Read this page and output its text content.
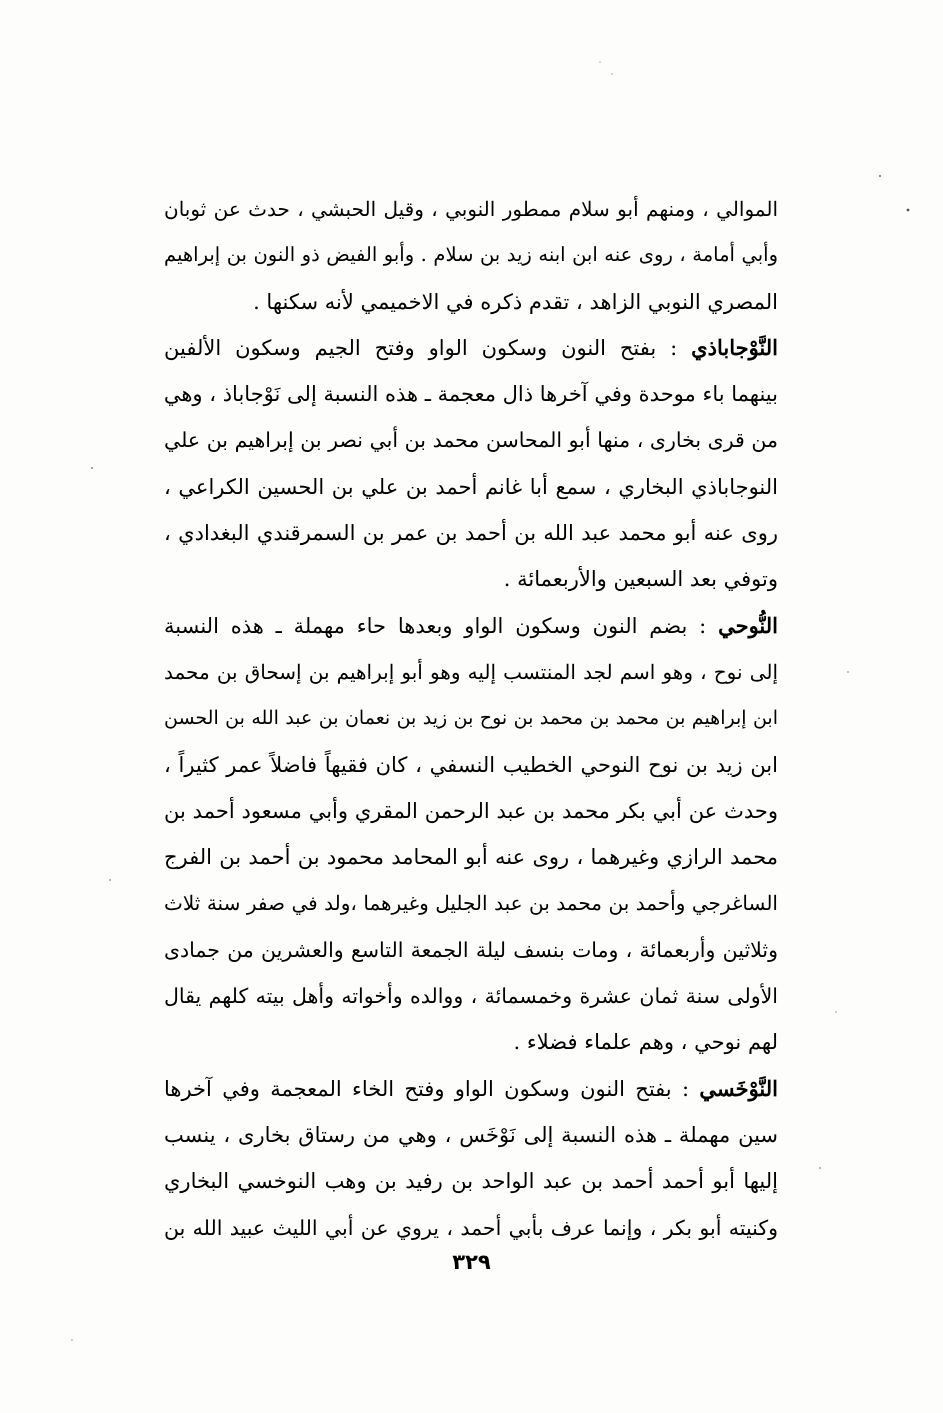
الموالي ، ومنهم أبو سلام ممطور النوبي ، وقيل الحبشي ، حدث عن ثوبان
وأبي أمامة ، روى عنه ابن ابنه زيد بن سلام . وأبو الفيض ذو النون بن إبراهيم
المصري النوبي الزاهد ، تقدم ذكره في الاخميمي لأنه سكنها .
النَّوْجاباذي : بفتح النون وسكون الواو وفتح الجيم وسكون الألفين
بينهما باء موحدة وفي آخرها ذال معجمة ـ هذه النسبة إلى نَوْجاباذ ، وهي
من قرى بخارى ، منها أبو المحاسن محمد بن أبي نصر بن إبراهيم بن علي
النوجاباذي البخاري ، سمع أبا غانم أحمد بن علي بن الحسين الكراعي ،
روى عنه أبو محمد عبد الله بن أحمد بن عمر بن السمرقندي البغدادي ،
وتوفي بعد السبعين والأربعمائة .
النُّوحي : بضم النون وسكون الواو وبعدها حاء مهملة ـ هذه النسبة
إلى نوح ، وهو اسم لجد المنتسب إليه وهو أبو إبراهيم بن إسحاق بن محمد
ابن إبراهيم بن محمد بن محمد بن نوح بن زيد بن نعمان بن عبد الله بن الحسن
ابن زيد بن نوح النوحي الخطيب النسفي ، كان فقيهاً فاضلاً عمر كثيراً ،
وحدث عن أبي بكر محمد بن عبد الرحمن المقري وأبي مسعود أحمد بن
محمد الرازي وغيرهما ، روى عنه أبو المحامد محمود بن أحمد بن الفرج
الساغرجي وأحمد بن محمد بن عبد الجليل وغيرهما ،ولد في صفر سنة ثلاث
وثلاثين وأربعمائة ، ومات بنسف ليلة الجمعة التاسع والعشرين من جمادى
الأولى سنة ثمان عشرة وخمسمائة ، ووالده وأخواته وأهل بيته كلهم يقال
لهم نوحي ، وهم علماء فضلاء .
النَّوْخَسي : بفتح النون وسكون الواو وفتح الخاء المعجمة وفي آخرها
سين مهملة ـ هذه النسبة إلى نَوْخَس ، وهي من رستاق بخارى ، ينسب
إليها أبو أحمد أحمد بن عبد الواحد بن رفيد بن وهب النوخسي البخاري
وكنيته أبو بكر ، وإنما عرف بأبي أحمد ، يروي عن أبي الليث عبيد الله بن
٣٢٩
